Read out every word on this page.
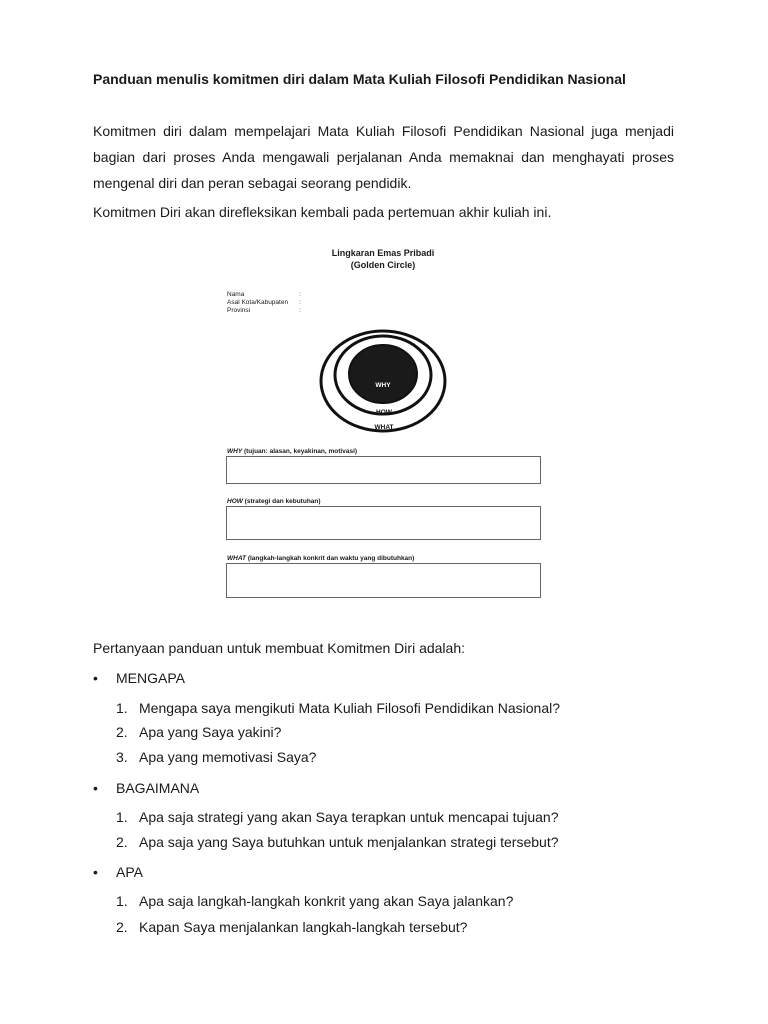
Panduan menulis komitmen diri dalam Mata Kuliah Filosofi Pendidikan Nasional

Komitmen diri dalam mempelajari Mata Kuliah Filosofi Pendidikan Nasional juga menjadi bagian dari proses Anda mengawali perjalanan Anda memaknai dan menghayati proses mengenal diri dan peran sebagai seorang pendidik.

Komitmen Diri akan direfleksikan kembali pada pertemuan akhir kuliah ini.

Lingkaran Emas Pribadi

(Golden Circle)

Nama	:
Asal Kota/Kabupaten :
Provinsi	:
WHY
HOW
WHAT

WHY (tujuan: alasan, keyakinan, motivasi)

HOW (strategi dan kebutuhan)

WHAT (langkah-langkah konkrit dan waktu yang dibutuhkan)

Pertanyaan panduan untuk membuat Komitmen Diri adalah:

•	MENGAPA
1. Mengapa saya mengikuti Mata Kuliah Filosofi Pendidikan Nasional?
2. Apa yang Saya yakini?
3. Apa yang memotivasi Saya?
•	BAGAIMANA
1. Apa saja strategi yang akan Saya terapkan untuk mencapai tujuan?
2. Apa saja yang Saya butuhkan untuk menjalankan strategi tersebut?
•	APA
1. Apa saja langkah-langkah konkrit yang akan Saya jalankan?
2. Kapan Saya menjalankan langkah-langkah tersebut?
